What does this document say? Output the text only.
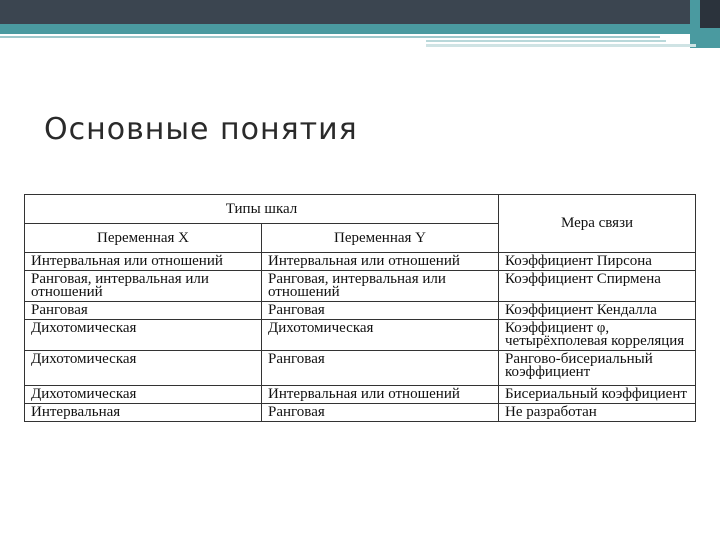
Основные понятия
Типы шкал		Мера связи
Переменная X	Переменная Y	
Интервальная или отношений	Интервальная или отношений	Коэффициент Пирсона
Ранговая, интервальная или отношений	Ранговая, интервальная или отношений	Коэффициент Спирмена
Ранговая	Ранговая	Коэффициент Кендалла
Дихотомическая	Дихотомическая	Коэффициент φ, четырёхполевая корреляция
Дихотомическая	Ранговая	Рангово-бисериальный коэффициент
Дихотомическая	Интервальная или отношений	Бисериальный коэффициент
Интервальная	Ранговая	Не разработан
